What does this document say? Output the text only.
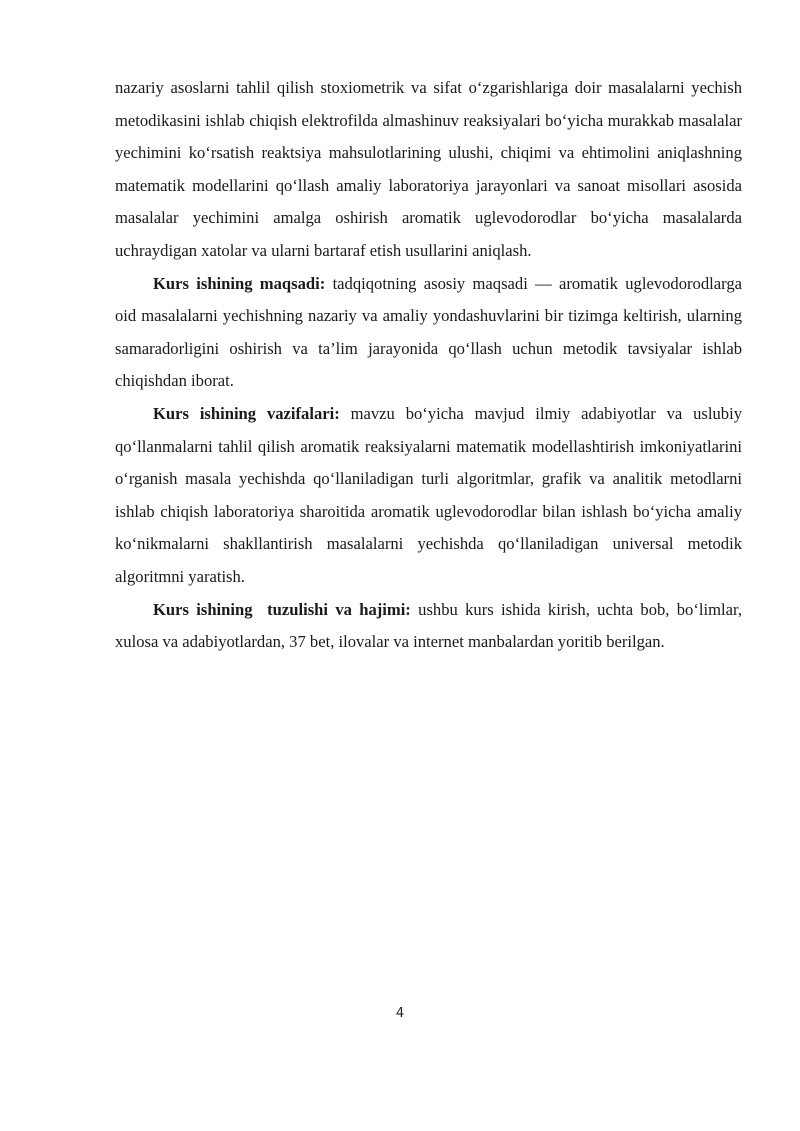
nazariy asoslarni tahlil qilish stoxiometrik va sifat o‘zgarishlariga doir masalalarni yechish metodikasini ishlab chiqish elektrofilda almashinuv reaksiyalari bo‘yicha murakkab masalalar yechimini ko‘rsatish reaktsiya mahsulotlarining ulushi, chiqimi va ehtimolini aniqlashning matematik modellarini qo‘llash amaliy laboratoriya jarayonlari va sanoat misollari asosida masalalar yechimini amalga oshirish aromatik uglevodorodlar bo‘yicha masalalarda uchraydigan xatolar va ularni bartaraf etish usullarini aniqlash.

Kurs ishining maqsadi: tadqiqotning asosiy maqsadi — aromatik uglevodorodlarga oid masalalarni yechishning nazariy va amaliy yondashuvlarini bir tizimga keltirish, ularning samaradorligini oshirish va ta’lim jarayonida qo‘llash uchun metodik tavsiyalar ishlab chiqishdan iborat.

Kurs ishining vazifalari: mavzu bo‘yicha mavjud ilmiy adabiyotlar va uslubiy qo‘llanmalarni tahlil qilish aromatik reaksiyalarni matematik modellashtirish imkoniyatlarini o‘rganish masala yechishda qo‘llaniladigan turli algoritmlar, grafik va analitik metodlarni ishlab chiqish laboratoriya sharoitida aromatik uglevodorodlar bilan ishlash bo‘yicha amaliy ko‘nikmalarni shakllantirish masalalarni yechishda qo‘llaniladigan universal metodik algoritmni yaratish.

Kurs ishining  tuzulishi va hajimi: ushbu kurs ishida kirish, uchta bob, bo‘limlar, xulosa va adabiyotlardan, 37 bet, ilovalar va internet manbalardan yoritib berilgan.

4
